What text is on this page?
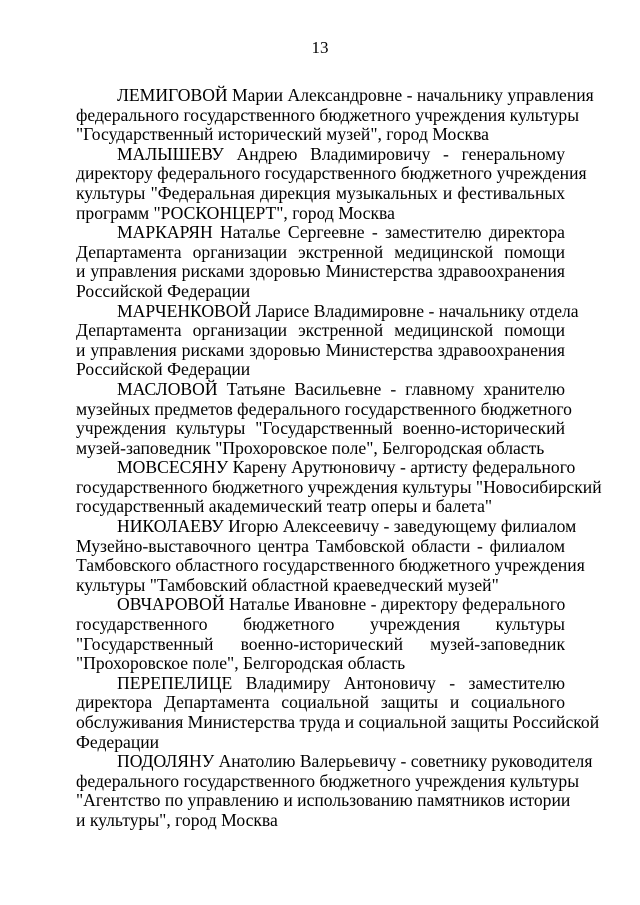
13
ЛЕМИГОВОЙ Марии Александровне - начальнику управления
федерального государственного бюджетного учреждения культуры
"Государственный исторический музей", город Москва
МАЛЫШЕВУ Андрею Владимировичу - генеральному
директору федерального государственного бюджетного учреждения
культуры "Федеральная дирекция музыкальных и фестивальных
программ "РОСКОНЦЕРТ", город Москва
МАРКАРЯН Наталье Сергеевне - заместителю директора
Департамента организации экстренной медицинской помощи
и управления рисками здоровью Министерства здравоохранения
Российской Федерации
МАРЧЕНКОВОЙ Ларисе Владимировне - начальнику отдела
Департамента организации экстренной медицинской помощи
и управления рисками здоровью Министерства здравоохранения
Российской Федерации
МАСЛОВОЙ Татьяне Васильевне - главному хранителю
музейных предметов федерального государственного бюджетного
учреждения культуры "Государственный военно-исторический
музей-заповедник "Прохоровское поле", Белгородская область
МОВСЕСЯНУ Карену Арутюновичу - артисту федерального
государственного бюджетного учреждения культуры "Новосибирский
государственный академический театр оперы и балета"
НИКОЛАЕВУ Игорю Алексеевичу - заведующему филиалом
Музейно-выставочного центра Тамбовской области - филиалом
Тамбовского областного государственного бюджетного учреждения
культуры "Тамбовский областной краеведческий музей"
ОВЧАРОВОЙ Наталье Ивановне - директору федерального
государственного бюджетного учреждения культуры
"Государственный военно-исторический музей-заповедник
"Прохоровское поле", Белгородская область
ПЕРЕПЕЛИЦЕ Владимиру Антоновичу - заместителю
директора Департамента социальной защиты и социального
обслуживания Министерства труда и социальной защиты Российской
Федерации
ПОДОЛЯНУ Анатолию Валерьевичу - советнику руководителя
федерального государственного бюджетного учреждения культуры
"Агентство по управлению и использованию памятников истории
и культуры", город Москва
